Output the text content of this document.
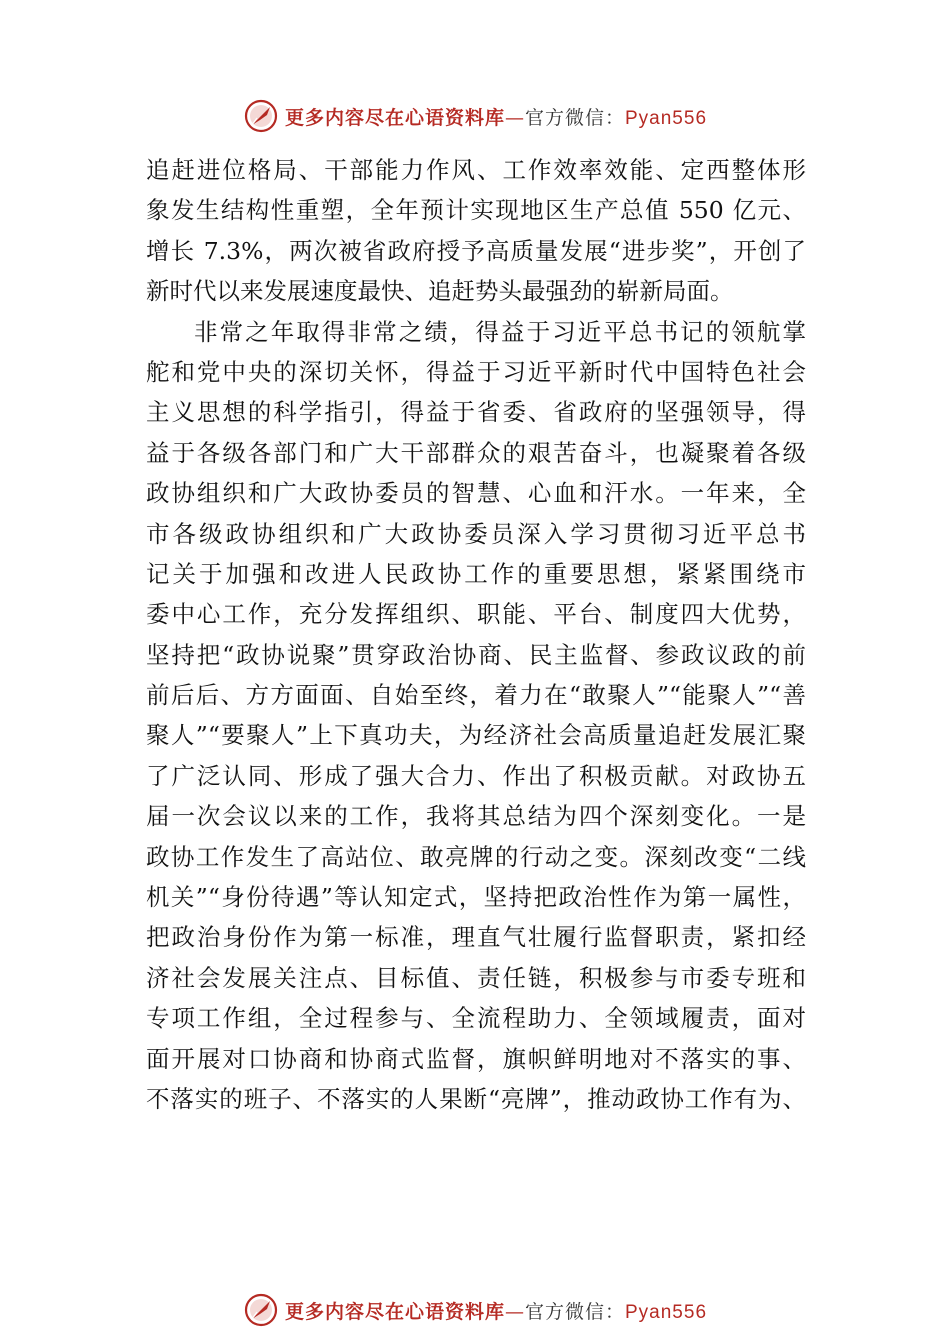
更多内容尽在心语资料库—官方微信：Pyan556
追赶进位格局、干部能力作风、工作效率效能、定西整体形
象发生结构性重塑，全年预计实现地区生产总值 550 亿元、
增长 7.3%，两次被省政府授予高质量发展“进步奖”，开创了
新时代以来发展速度最快、追赶势头最强劲的崭新局面。
非常之年取得非常之绩，得益于习近平总书记的领航掌
舵和党中央的深切关怀，得益于习近平新时代中国特色社会
主义思想的科学指引，得益于省委、省政府的坚强领导，得
益于各级各部门和广大干部群众的艰苦奋斗，也凝聚着各级
政协组织和广大政协委员的智慧、心血和汗水。一年来，全
市各级政协组织和广大政协委员深入学习贯彻习近平总书
记关于加强和改进人民政协工作的重要思想，紧紧围绕市
委中心工作，充分发挥组织、职能、平台、制度四大优势，
坚持把“政协说聚”贯穿政治协商、民主监督、参政议政的前
前后后、方方面面、自始至终，着力在“敢聚人”“能聚人”“善
聚人”“要聚人”上下真功夫，为经济社会高质量追赶发展汇聚
了广泛认同、形成了强大合力、作出了积极贡献。对政协五
届一次会议以来的工作，我将其总结为四个深刻变化。一是
政协工作发生了高站位、敢亮牌的行动之变。深刻改变“二线
机关”“身份待遇”等认知定式，坚持把政治性作为第一属性，
把政治身份作为第一标准，理直气壮履行监督职责，紧扣经
济社会发展关注点、目标值、责任链，积极参与市委专班和
专项工作组，全过程参与、全流程助力、全领域履责，面对
面开展对口协商和协商式监督，旗帜鲜明地对不落实的事、
不落实的班子、不落实的人果断“亮牌”，推动政协工作有为、
更多内容尽在心语资料库—官方微信：Pyan556
